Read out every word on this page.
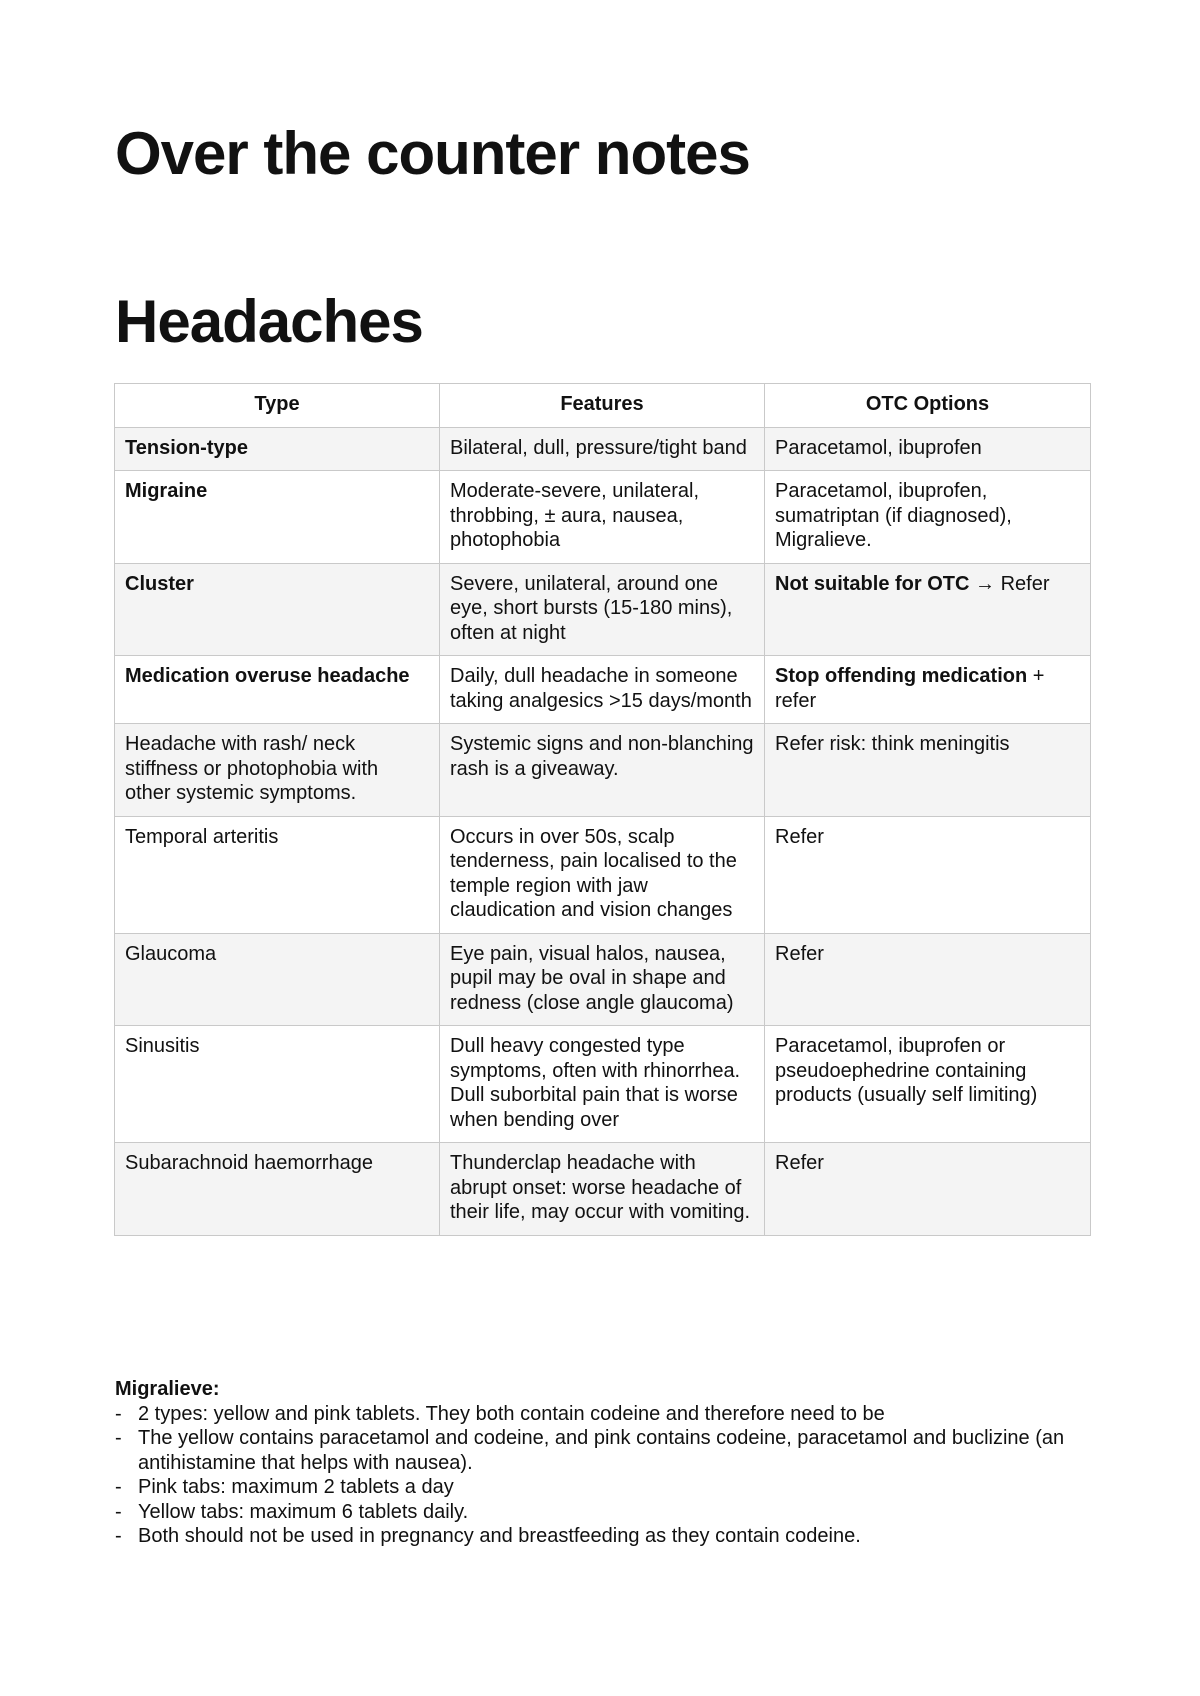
Over the counter notes
Headaches
Type	Features	OTC Options
Tension-type	Bilateral, dull, pressure/tight band	Paracetamol, ibuprofen
Migraine	Moderate-severe, unilateral, throbbing, ± aura, nausea, photophobia	Paracetamol, ibuprofen, sumatriptan (if diagnosed), Migralieve.
Cluster	Severe, unilateral, around one eye, short bursts (15-180 mins), often at night	Not suitable for OTC → Refer
Medication overuse headache	Daily, dull headache in someone taking analgesics >15 days/month	Stop offending medication + refer
Headache with rash/ neck stiffness or photophobia with other systemic symptoms.	Systemic signs and non-blanching rash is a giveaway.	Refer risk: think meningitis
Temporal arteritis	Occurs in over 50s, scalp tenderness, pain localised to the temple region with jaw claudication and vision changes	Refer
Glaucoma	Eye pain, visual halos, nausea, pupil may be oval in shape and redness (close angle glaucoma)	Refer
Sinusitis	Dull heavy congested type symptoms, often with rhinorrhea. Dull suborbital pain that is worse when bending over	Paracetamol, ibuprofen or pseudoephedrine containing products (usually self limiting)
Subarachnoid haemorrhage	Thunderclap headache with abrupt onset: worse headache of their life, may occur with vomiting.	Refer

Migralieve:

- 2 types: yellow and pink tablets. They both contain codeine and therefore need to be
- The yellow contains paracetamol and codeine, and pink contains codeine, paracetamol and buclizine (an antihistamine that helps with nausea).
- Pink tabs: maximum 2 tablets a day
- Yellow tabs: maximum 6 tablets daily.
- Both should not be used in pregnancy and breastfeeding as they contain codeine.
